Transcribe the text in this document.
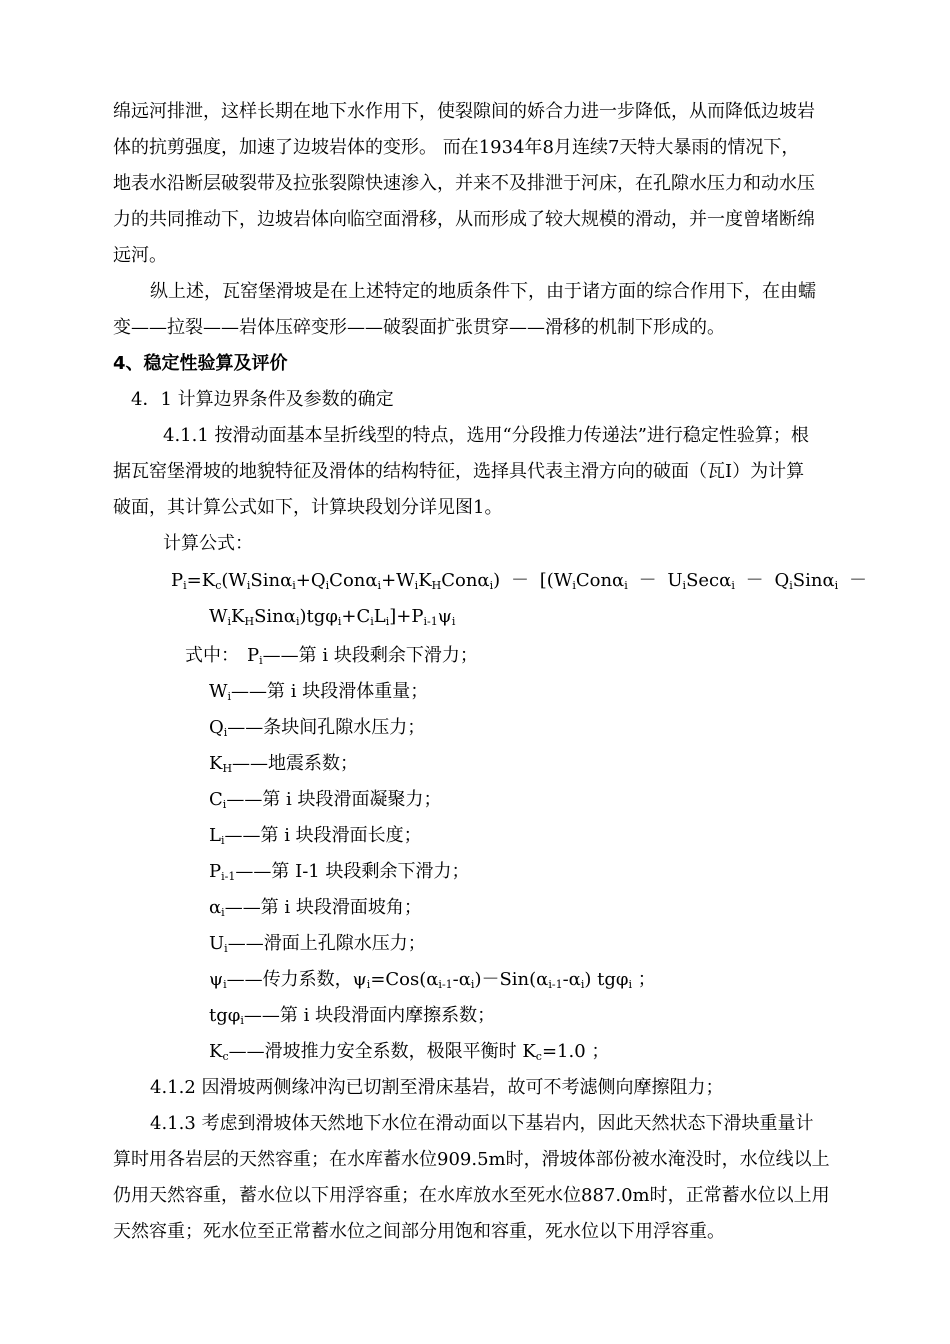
绵远河排泄，这样长期在地下水作用下，使裂隙间的娇合力进一步降低，从而降低边坡岩
体的抗剪强度，加速了边坡岩体的变形。 而在1934年8月连续7天特大暴雨的情况下，
地表水沿断层破裂带及拉张裂隙快速渗入，并来不及排泄于河床，在孔隙水压力和动水压
力的共同推动下，边坡岩体向临空面滑移，从而形成了较大规模的滑动，并一度曾堵断绵
远河。
纵上述，瓦窑堡滑坡是在上述特定的地质条件下，由于诸方面的综合作用下，在由蠕
变——拉裂——岩体压碎变形——破裂面扩张贯穿——滑移的机制下形成的。
4、稳定性验算及评价
4．1 计算边界条件及参数的确定
4.1.1 按滑动面基本呈折线型的特点，选用“分段推力传递法”进行稳定性验算；根
据瓦窑堡滑坡的地貌特征及滑体的结构特征，选择具代表主滑方向的破面（瓦Ⅰ）为计算
破面，其计算公式如下，计算块段划分详见图1。
计算公式：
$P_i=K_c(W_iSin\alpha_i+Q_iCon\alpha_i+W_iK_HCon\alpha_i) - [(W_iCon\alpha_i - U_iSec\alpha_i - Q_iSin\alpha_i$ －
$W_iK_HSin\alpha_i)tg\varphi_i+C_iL_i]+P_{i-1}\psi_i$
式中： $P_i——$第 i 块段剩余下滑力；
$W_i——$第 i 块段滑体重量；
$Q_i——$条块间孔隙水压力；
$K_H——$地震系数；
$C_i——$第 i 块段滑面凝聚力；
$L_i——$第 i 块段滑面长度；
$P_{i-1}——$第 I-1 块段剩余下滑力；
$\alpha_i——$第 i 块段滑面坡角；
$U_i——$滑面上孔隙水压力；
$\psi_i——$传力系数，$\psi_i=Cos(\alpha_{i-1}-\alpha_i)-Sin(\alpha_{i-1}-\alpha_i)$ tgφ$_i$ ；
tgφ$_i$——第 i 块段滑面内摩擦系数；
$K_c——$滑坡推力安全系数，极限平衡时 $K_c=1.0$ ；
4.1.2 因滑坡两侧缘冲沟已切割至滑床基岩，故可不考滤侧向摩擦阻力；
4.1.3 考虑到滑坡体天然地下水位在滑动面以下基岩内，因此天然状态下滑块重量计
算时用各岩层的天然容重；在水库蓄水位909.5m时，滑坡体部份被水淹没时，水位线以上
仍用天然容重，蓄水位以下用浮容重；在水库放水至死水位887.0m时，正常蓄水位以上用
天然容重；死水位至正常蓄水位之间部分用饱和容重，死水位以下用浮容重。
